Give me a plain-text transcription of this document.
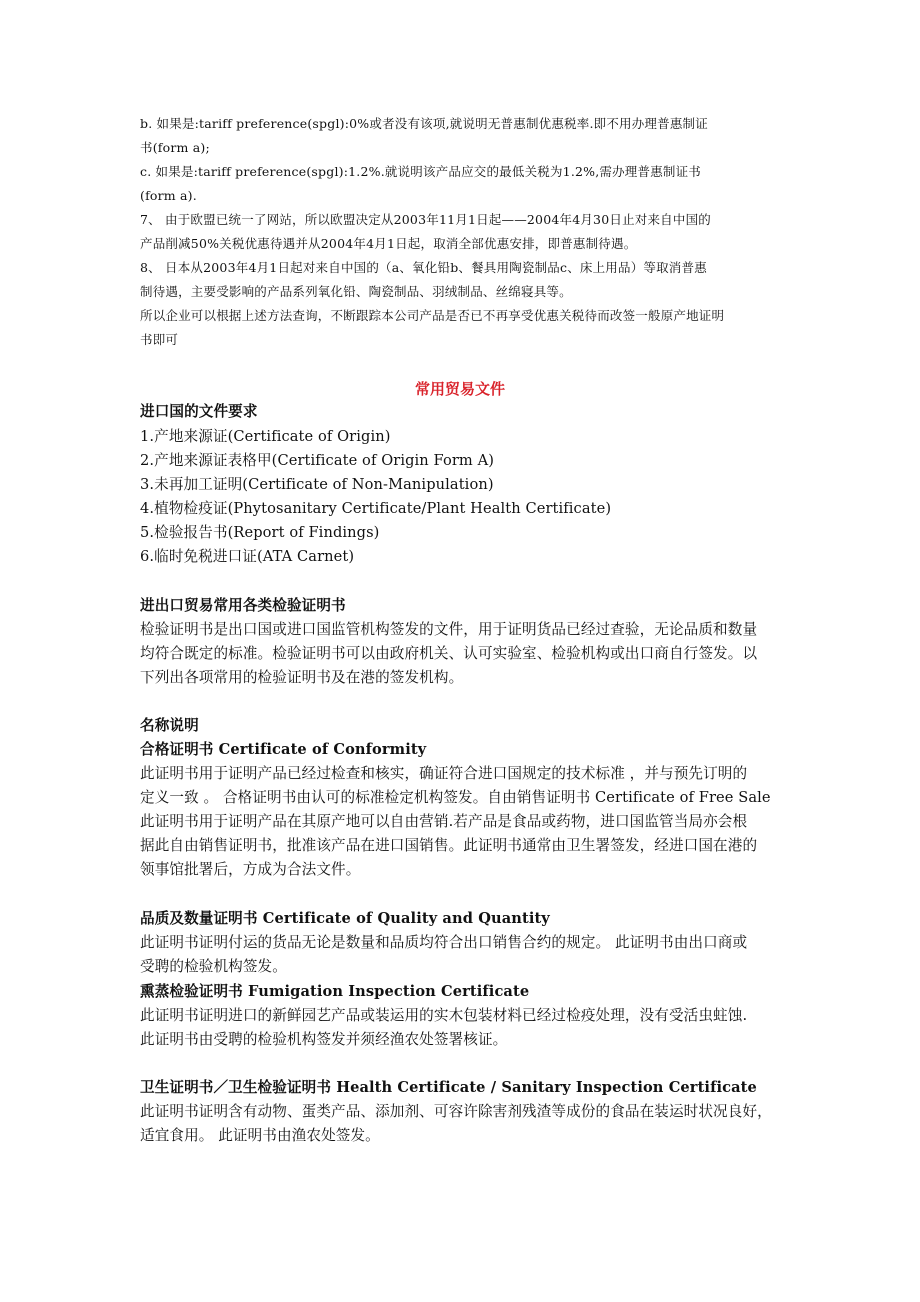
b. 如果是:tariff preference(spgl):0%或者没有该项,就说明无普惠制优惠税率.即不用办理普惠制证
书(form a);
c. 如果是:tariff preference(spgl):1.2%.就说明该产品应交的最低关税为1.2%,需办理普惠制证书
(form a).
7、 由于欧盟已统一了网站，所以欧盟决定从2003年11月1日起——2004年4月30日止对来自中国的
产品削减50%关税优惠待遇并从2004年4月1日起，取消全部优惠安排，即普惠制待遇。
8、 日本从2003年4月1日起对来自中国的（a、氧化铅b、餐具用陶瓷制品c、床上用品）等取消普惠
制待遇，主要受影响的产品系列氧化铅、陶瓷制品、羽绒制品、丝绵寝具等。
所以企业可以根据上述方法查询，不断跟踪本公司产品是否已不再享受优惠关税待而改签一般原产地证明
书即可
常用贸易文件
进口国的文件要求
1.产地来源证(Certificate of Origin)
2.产地来源证表格甲(Certificate of Origin Form A)
3.未再加工证明(Certificate of Non-Manipulation)
4.植物检疫证(Phytosanitary Certificate/Plant Health Certificate)
5.检验报告书(Report of Findings)
6.临时免税进口证(ATA Carnet)
进出口贸易常用各类检验证明书
检验证明书是出口国或进口国监管机构签发的文件，用于证明货品已经过查验，无论品质和数量
均符合既定的标准。检验证明书可以由政府机关、认可实验室、检验机构或出口商自行签发。以
下列出各项常用的检验证明书及在港的签发机构。
名称说明
合格证明书 Certificate of Conformity
此证明书用于证明产品已经过检查和核实，确证符合进口国规定的技术标准 ，并与预先订明的
定义一致 。 合格证明书由认可的标准检定机构签发。自由销售证明书 Certificate of Free Sale
此证明书用于证明产品在其原产地可以自由营销.若产品是食品或药物，进口国监管当局亦会根
据此自由销售证明书，批准该产品在进口国销售。此证明书通常由卫生署签发，经进口国在港的
领事馆批署后，方成为合法文件。
品质及数量证明书 Certificate of Quality and Quantity
此证明书证明付运的货品无论是数量和品质均符合出口销售合约的规定。 此证明书由出口商或
受聘的检验机构签发。
熏蒸检验证明书 Fumigation Inspection Certificate
此证明书证明进口的新鲜园艺产品或装运用的实木包装材料已经过检疫处理，没有受活虫蛀蚀.
此证明书由受聘的检验机构签发并须经渔农处签署核证。
卫生证明书／卫生检验证明书 Health Certificate / Sanitary Inspection Certificate
此证明书证明含有动物、蛋类产品、添加剂、可容许除害剂残渣等成份的食品在装运时状况良好，
适宜食用。 此证明书由渔农处签发。
